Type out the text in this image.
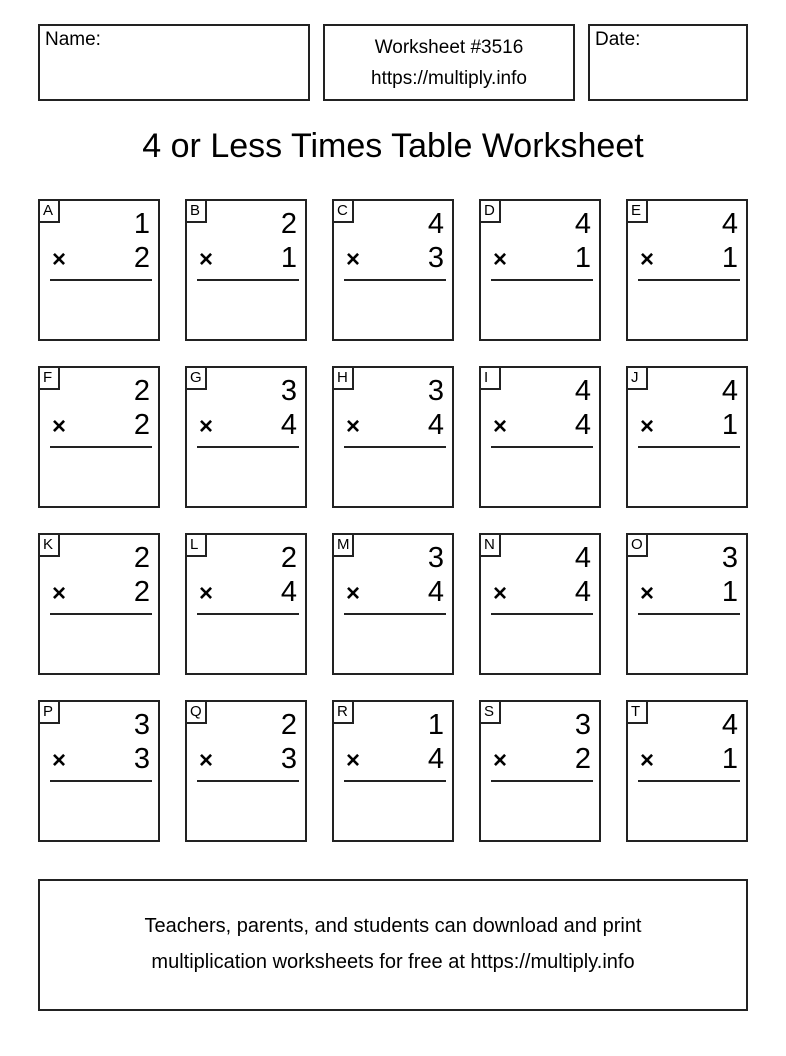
Name:	Worksheet #3516
https://multiply.info
Date:
4 or Less Times Table Worksheet
A	1
× 2
B	2
× 1
C	4
× 3
D	4
× 1
E	4
× 1
F	2
× 2
G	3
× 4
H	3
× 4
I	4
× 4
J	4
× 1
K	2
× 2
L	2
× 4
M	3
× 4
N	4
× 4
O	3
× 1
P	3
× 3
Q	2
× 3
R	1
× 4
S	3
× 2
T	4
× 1
Teachers, parents, and students can download and print
multiplication worksheets for free at https://multiply.info
